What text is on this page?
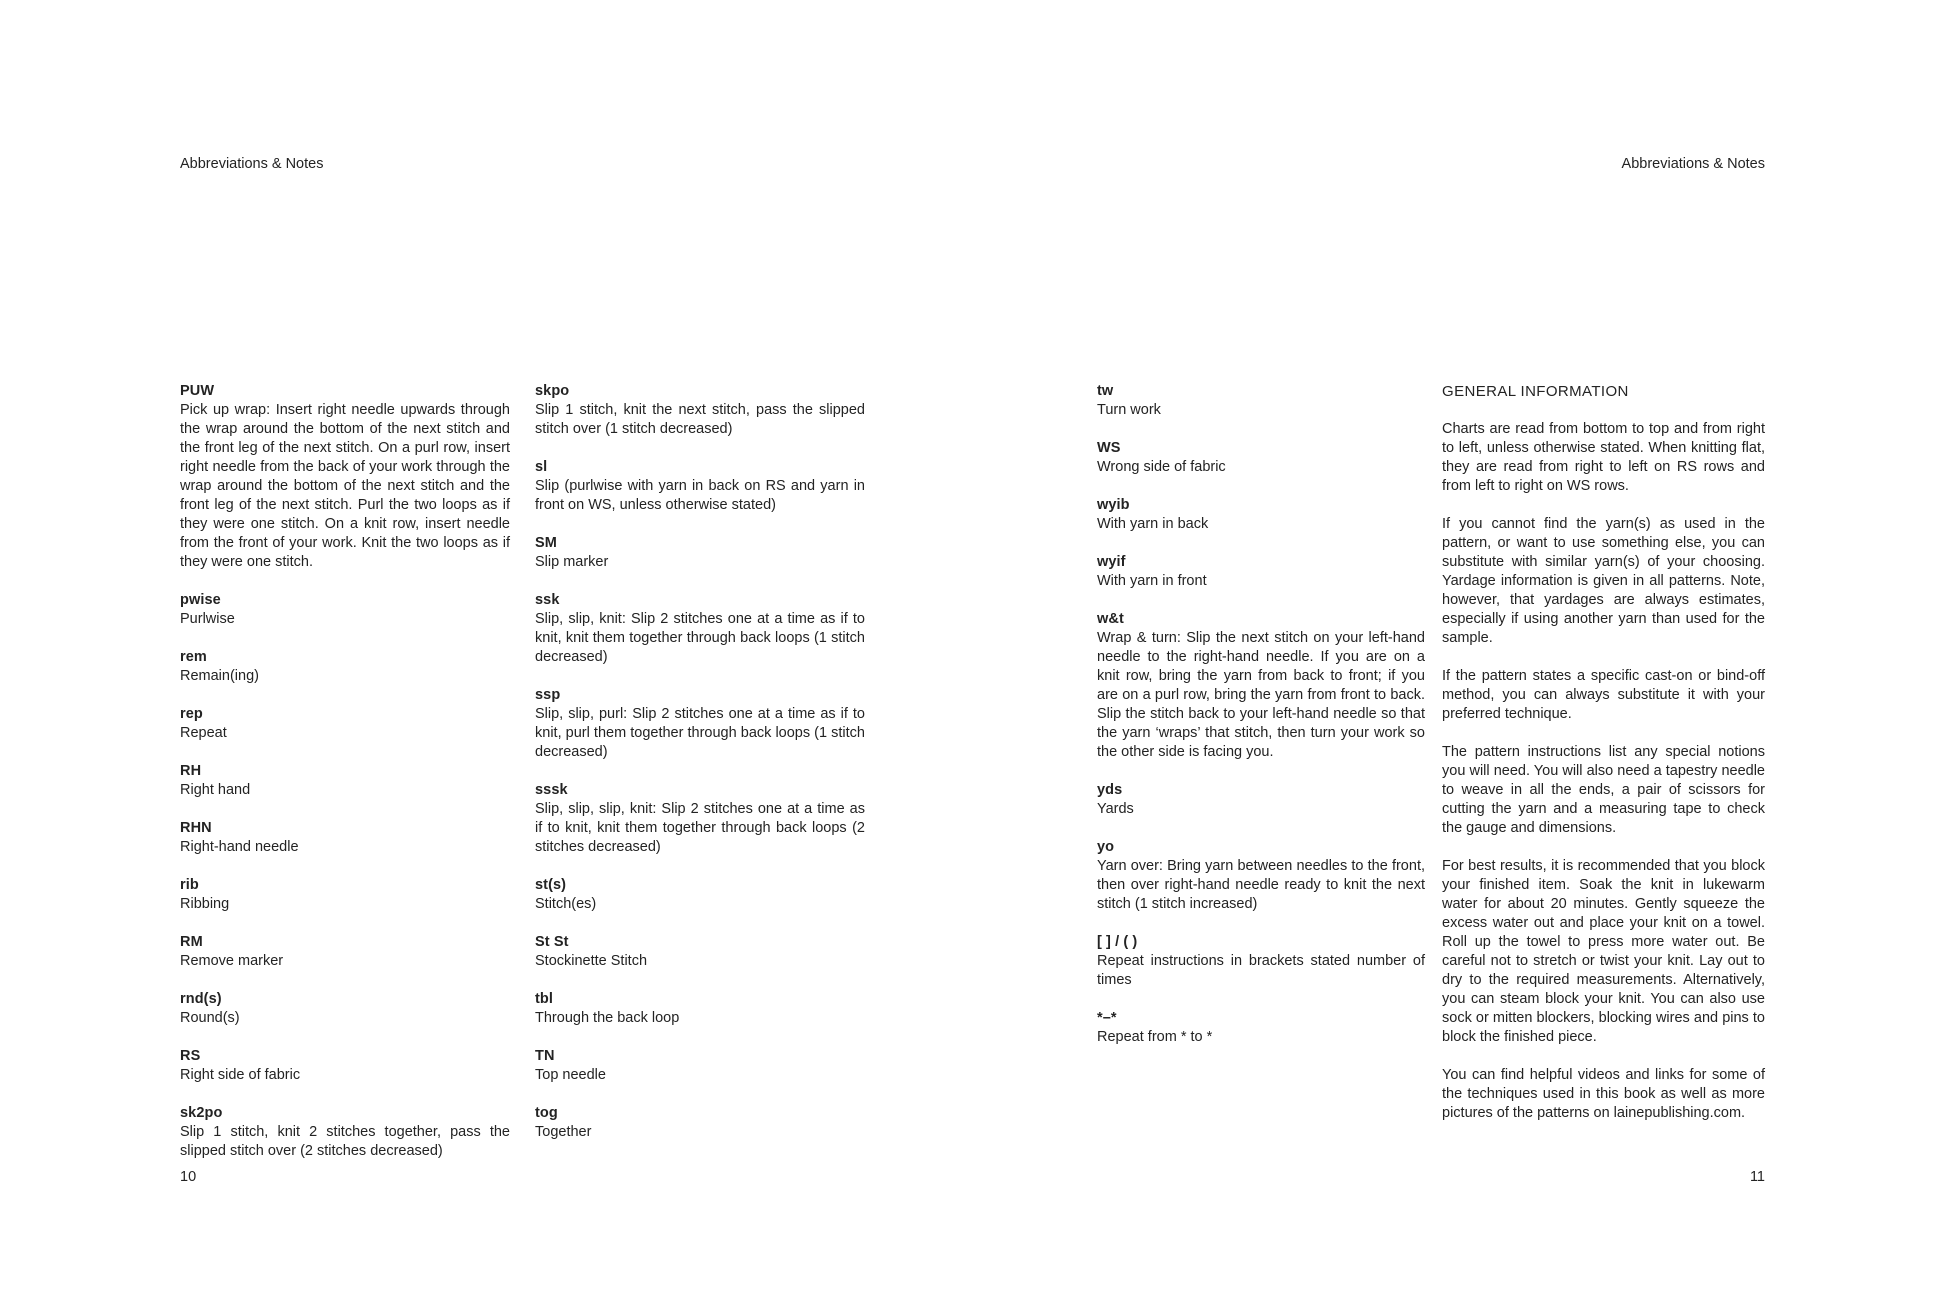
Abbreviations & Notes	Abbreviations & Notes
PUW
Pick up wrap: Insert right needle upwards through the wrap around the bottom of the next stitch and the front leg of the next stitch. On a purl row, insert right needle from the back of your work through the wrap around the bottom of the next stitch and the front leg of the next stitch. Purl the two loops as if they were one stitch. On a knit row, insert needle from the front of your work. Knit the two loops as if they were one stitch.
pwise
Purlwise
rem
Remain(ing)
rep
Repeat
RH
Right hand
RHN
Right-hand needle
rib
Ribbing
RM
Remove marker
rnd(s)
Round(s)
RS
Right side of fabric
sk2po
Slip 1 stitch, knit 2 stitches together, pass the slipped stitch over (2 stitches decreased)
skpo
Slip 1 stitch, knit the next stitch, pass the slipped stitch over (1 stitch decreased)
sl
Slip (purlwise with yarn in back on RS and yarn in front on WS, unless otherwise stated)
SM
Slip marker
ssk
Slip, slip, knit: Slip 2 stitches one at a time as if to knit, knit them together through back loops (1 stitch decreased)
ssp
Slip, slip, purl: Slip 2 stitches one at a time as if to knit, purl them together through back loops (1 stitch decreased)
sssk
Slip, slip, slip, knit: Slip 2 stitches one at a time as if to knit, knit them together through back loops (2 stitches decreased)
st(s)
Stitch(es)
St St
Stockinette Stitch
tbl
Through the back loop
TN
Top needle
tog
Together
tw
Turn work
WS
Wrong side of fabric
wyib
With yarn in back
wyif
With yarn in front
w&t
Wrap & turn: Slip the next stitch on your left-hand needle to the right-hand needle. If you are on a knit row, bring the yarn from back to front; if you are on a purl row, bring the yarn from front to back. Slip the stitch back to your left-hand needle so that the yarn ‘wraps’ that stitch, then turn your work so the other side is facing you.
yds
Yards
yo
Yarn over: Bring yarn between needles to the front, then over right-hand needle ready to knit the next stitch (1 stitch increased)
[ ] / ( )
Repeat instructions in brackets stated number of times
*–*
Repeat from * to *
GENERAL INFORMATION

Charts are read from bottom to top and from right to left, unless otherwise stated. When knitting flat, they are read from right to left on RS rows and from left to right on WS rows.

If you cannot find the yarn(s) as used in the pattern, or want to use something else, you can substitute with similar yarn(s) of your choosing. Yardage information is given in all patterns. Note, however, that yardages are always estimates, especially if using another yarn than used for the sample.

If the pattern states a specific cast-on or bind-off method, you can always substitute it with your preferred technique.

The pattern instructions list any special notions you will need. You will also need a tapestry needle to weave in all the ends, a pair of scissors for cutting the yarn and a measuring tape to check the gauge and dimensions.

For best results, it is recommended that you block your finished item. Soak the knit in lukewarm water for about 20 minutes. Gently squeeze the excess water out and place your knit on a towel. Roll up the towel to press more water out. Be careful not to stretch or twist your knit. Lay out to dry to the required measurements. Alternatively, you can steam block your knit. You can also use sock or mitten blockers, blocking wires and pins to block the finished piece.

You can find helpful videos and links for some of the techniques used in this book as well as more pictures of the patterns on lainepublishing.com.

10	11
